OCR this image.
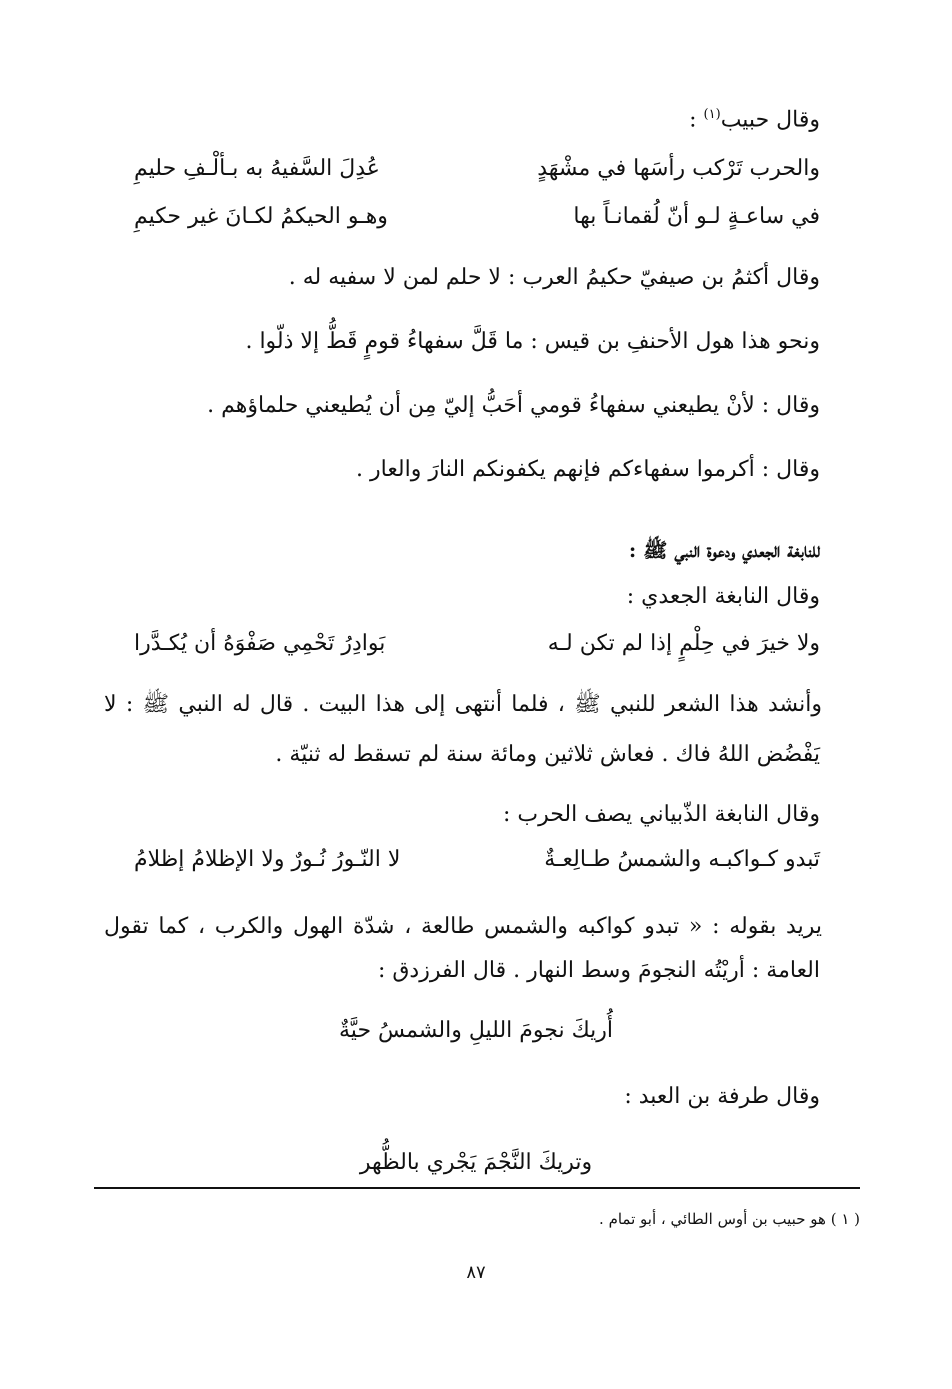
وقال حبيب$^{(١)}$ :
والحرب تَرْكب رأسَها في مشْهَدٍ
عُدِلَ السَّفيهُ به بـألْـفِ حليمِ
في ساعـةٍ لـو أنّ لُقمانـاً بها
وهـو الحيكمُ لكـانَ غير حكيمِ
وقال أكثمُ بن صيفيّ حكيمُ العرب : لا حلم لمن لا سفيه له .
ونحو هذا هول الأحنفِ بن قيس : ما قَلَّ سفهاءُ قومٍ قَطُّ إلا ذلّوا .
وقال : لأنْ يطيعني سفهاءُ قومي أحَبُّ إليّ مِن أن يُطيعني حلماؤهم .
وقال : أكرموا سفهاءكم فإنهم يكفونكم النارَ والعار .
للنابغة الجعدي ودعوة النبي ﷺ :
وقال النابغة الجعدي :
ولا خيرَ في حِلْمٍ إذا لم تكن لـه
بَوادِرُ تَحْمِي صَفْوَهُ أن يُكـدَّرا
وأنشد هذا الشعر للنبي ﷺ ، فلما أنتهى إلى هذا البيت . قال له النبي ﷺ : لا
يَفْضُض اللهُ فاك . فعاش ثلاثين ومائة سنة لم تسقط له ثنيّة .
وقال النابغة الذّبياني يصف الحرب :
تَبدو كـواكبـه والشمسُ طـالِعـةٌ
لا النّـورُ نُـورٌ ولا الإظلامُ إظلامُ
يريد بقوله : « تبدو كواكبه والشمس طالعة ، شدّة الهول والكرب ، كما تقول
العامة : أريْتُه النجومَ وسط النهار . قال الفرزدق :
أُريكَ نجومَ الليلِ والشمسُ حيَّةٌ
وقال طرفة بن العبد :
وتريكَ النَّجْمَ يَجْري بالظُّهر
( ١ ) هو حبيب بن أوس الطائي ، أبو تمام .
٨٧
